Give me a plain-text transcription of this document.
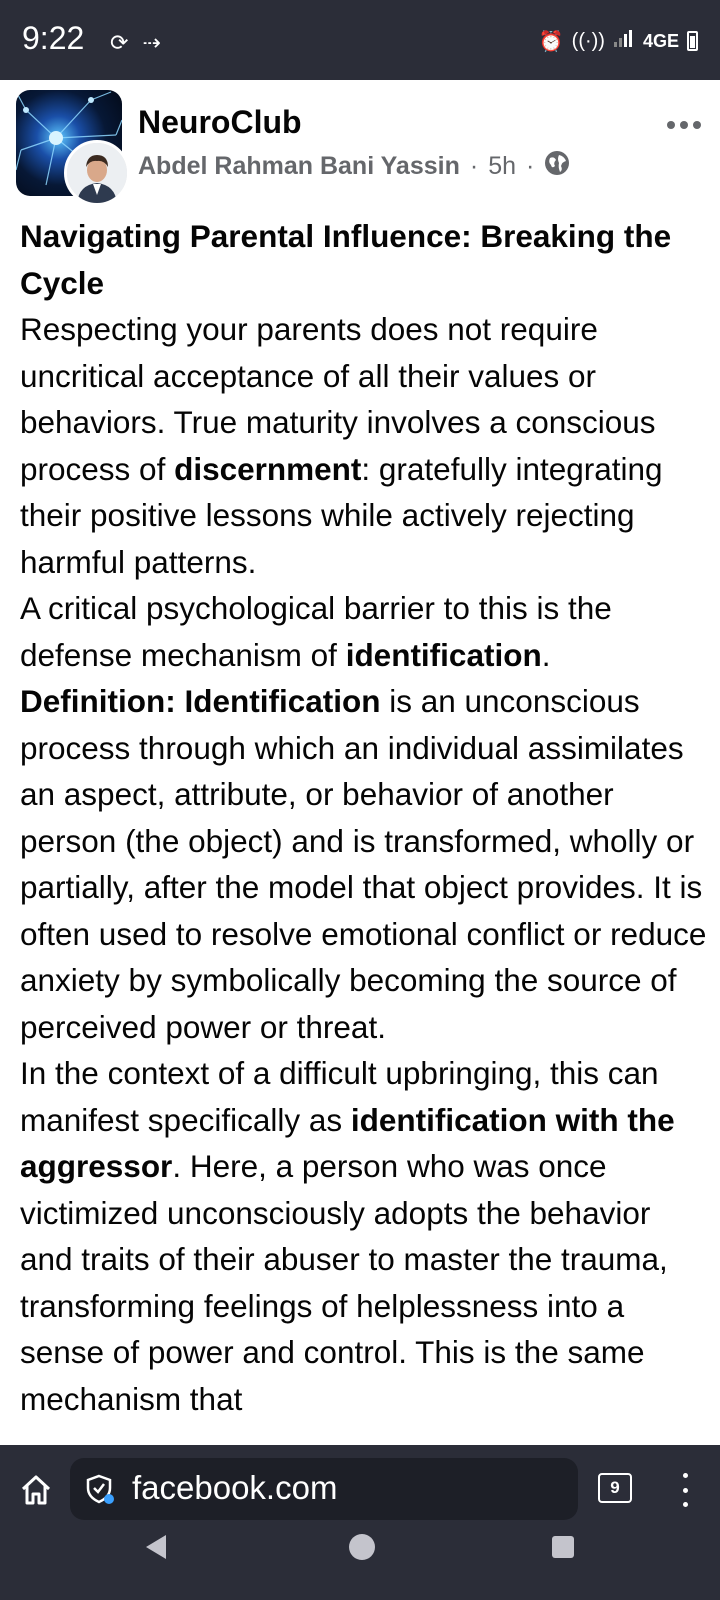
9:22 ⟳ ⇢	⏰ ((·)) 4GE
NeuroClub
Abdel Rahman Bani Yassin · 5h ·

Navigating Parental Influence: Breaking the Cycle

Respecting your parents does not require uncritical acceptance of all their values or behaviors. True maturity involves a conscious process of discernment: gratefully integrating their positive lessons while actively rejecting harmful patterns.

A critical psychological barrier to this is the defense mechanism of identification.

Definition: Identification is an unconscious process through which an individual assimilates an aspect, attribute, or behavior of another person (the object) and is transformed, wholly or partially, after the model that object provides. It is often used to resolve emotional conflict or reduce anxiety by symbolically becoming the source of perceived power or threat.

In the context of a difficult upbringing, this can manifest specifically as identification with the aggressor. Here, a person who was once victimized unconsciously adopts the behavior and traits of their abuser to master the trauma, transforming feelings of helplessness into a sense of power and control. This is the same mechanism that

facebook.com	9
